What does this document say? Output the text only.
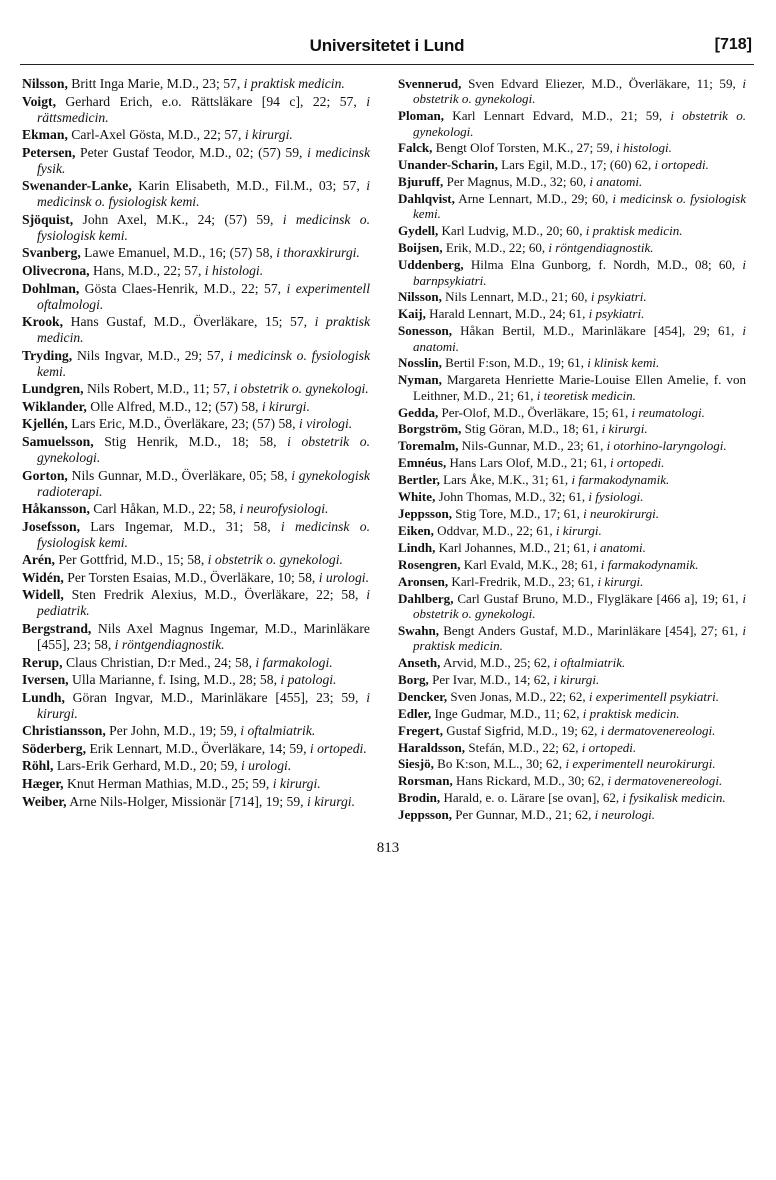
Universitetet i Lund	[718]

Nilsson, Britt Inga Marie, M.D., 23; 57, i praktisk medicin.

Voigt, Gerhard Erich, e.o. Rättsläkare [94 c], 22; 57, i rättsmedicin.

Ekman, Carl-Axel Gösta, M.D., 22; 57, i kirurgi.

Petersen, Peter Gustaf Teodor, M.D., 02; (57) 59, i medicinsk fysik.

Swenander-Lanke, Karin Elisabeth, M.D., Fil.M., 03; 57, i medicinsk o. fysiologisk kemi.

Sjöquist, John Axel, M.K., 24; (57) 59, i medicinsk o. fysiologisk kemi.

Svanberg, Lawe Emanuel, M.D., 16; (57) 58, i thoraxkirurgi.

Olivecrona, Hans, M.D., 22; 57, i histologi.

Dohlman, Gösta Claes-Henrik, M.D., 22; 57, i experimentell oftalmologi.

Krook, Hans Gustaf, M.D., Överläkare, 15; 57, i praktisk medicin.

Tryding, Nils Ingvar, M.D., 29; 57, i medicinsk o. fysiologisk kemi.

Lundgren, Nils Robert, M.D., 11; 57, i obstetrik o. gynekologi.

Wiklander, Olle Alfred, M.D., 12; (57) 58, i kirurgi.

Kjellén, Lars Eric, M.D., Överläkare, 23; (57) 58, i virologi.

Samuelsson, Stig Henrik, M.D., 18; 58, i obstetrik o. gynekologi.

Gorton, Nils Gunnar, M.D., Överläkare, 05; 58, i gynekologisk radioterapi.

Håkansson, Carl Håkan, M.D., 22; 58, i neurofysiologi.

Josefsson, Lars Ingemar, M.D., 31; 58, i medicinsk o. fysiologisk kemi.

Arén, Per Gottfrid, M.D., 15; 58, i obstetrik o. gynekologi.

Widén, Per Torsten Esaias, M.D., Överläkare, 10; 58, i urologi.

Widell, Sten Fredrik Alexius, M.D., Överläkare, 22; 58, i pediatrik.

Bergstrand, Nils Axel Magnus Ingemar, M.D., Marinläkare [455], 23; 58, i röntgendiagnostik.

Rerup, Claus Christian, D:r Med., 24; 58, i farmakologi.

Iversen, Ulla Marianne, f. Ising, M.D., 28; 58, i patologi.

Lundh, Göran Ingvar, M.D., Marinläkare [455], 23; 59, i kirurgi.

Christiansson, Per John, M.D., 19; 59, i oftalmiatrik.

Söderberg, Erik Lennart, M.D., Överläkare, 14; 59, i ortopedi.

Röhl, Lars-Erik Gerhard, M.D., 20; 59, i urologi.

Hæger, Knut Herman Mathias, M.D., 25; 59, i kirurgi.

Weiber, Arne Nils-Holger, Missionär [714], 19; 59, i kirurgi.

Svennerud, Sven Edvard Eliezer, M.D., Överläkare, 11; 59, i obstetrik o. gynekologi.

Ploman, Karl Lennart Edvard, M.D., 21; 59, i obstetrik o. gynekologi.

Falck, Bengt Olof Torsten, M.K., 27; 59, i histologi.

Unander-Scharin, Lars Egil, M.D., 17; (60) 62, i ortopedi.

Bjuruff, Per Magnus, M.D., 32; 60, i anatomi.

Dahlqvist, Arne Lennart, M.D., 29; 60, i medicinsk o. fysiologisk kemi.

Gydell, Karl Ludvig, M.D., 20; 60, i praktisk medicin.

Boijsen, Erik, M.D., 22; 60, i röntgendiagnostik.

Uddenberg, Hilma Elna Gunborg, f. Nordh, M.D., 08; 60, i barnpsykiatri.

Nilsson, Nils Lennart, M.D., 21; 60, i psykiatri.

Kaij, Harald Lennart, M.D., 24; 61, i psykiatri.

Sonesson, Håkan Bertil, M.D., Marinläkare [454], 29; 61, i anatomi.

Nosslin, Bertil F:son, M.D., 19; 61, i klinisk kemi.

Nyman, Margareta Henriette Marie-Louise Ellen Amelie, f. von Leithner, M.D., 21; 61, i teoretisk medicin.

Gedda, Per-Olof, M.D., Överläkare, 15; 61, i reumatologi.

Borgström, Stig Göran, M.D., 18; 61, i kirurgi.

Toremalm, Nils-Gunnar, M.D., 23; 61, i otorhino-laryngologi.

Emnéus, Hans Lars Olof, M.D., 21; 61, i ortopedi.

Bertler, Lars Åke, M.K., 31; 61, i farmakodynamik.

White, John Thomas, M.D., 32; 61, i fysiologi.

Jeppsson, Stig Tore, M.D., 17; 61, i neurokirurgi.

Eiken, Oddvar, M.D., 22; 61, i kirurgi.

Lindh, Karl Johannes, M.D., 21; 61, i anatomi.

Rosengren, Karl Evald, M.K., 28; 61, i farmakodynamik.

Aronsen, Karl-Fredrik, M.D., 23; 61, i kirurgi.

Dahlberg, Carl Gustaf Bruno, M.D., Flygläkare [466 a], 19; 61, i obstetrik o. gynekologi.

Swahn, Bengt Anders Gustaf, M.D., Marinläkare [454], 27; 61, i praktisk medicin.

Anseth, Arvid, M.D., 25; 62, i oftalmiatrik.

Borg, Per Ivar, M.D., 14; 62, i kirurgi.

Dencker, Sven Jonas, M.D., 22; 62, i experimentell psykiatri.

Edler, Inge Gudmar, M.D., 11; 62, i praktisk medicin.

Fregert, Gustaf Sigfrid, M.D., 19; 62, i dermatovenereologi.

Haraldsson, Stefán, M.D., 22; 62, i ortopedi.

Siesjö, Bo K:son, M.L., 30; 62, i experimentell neurokirurgi.

Rorsman, Hans Rickard, M.D., 30; 62, i dermatovenereologi.

Brodin, Harald, e. o. Lärare [se ovan], 62, i fysikalisk medicin.

Jeppsson, Per Gunnar, M.D., 21; 62, i neurologi.

813
